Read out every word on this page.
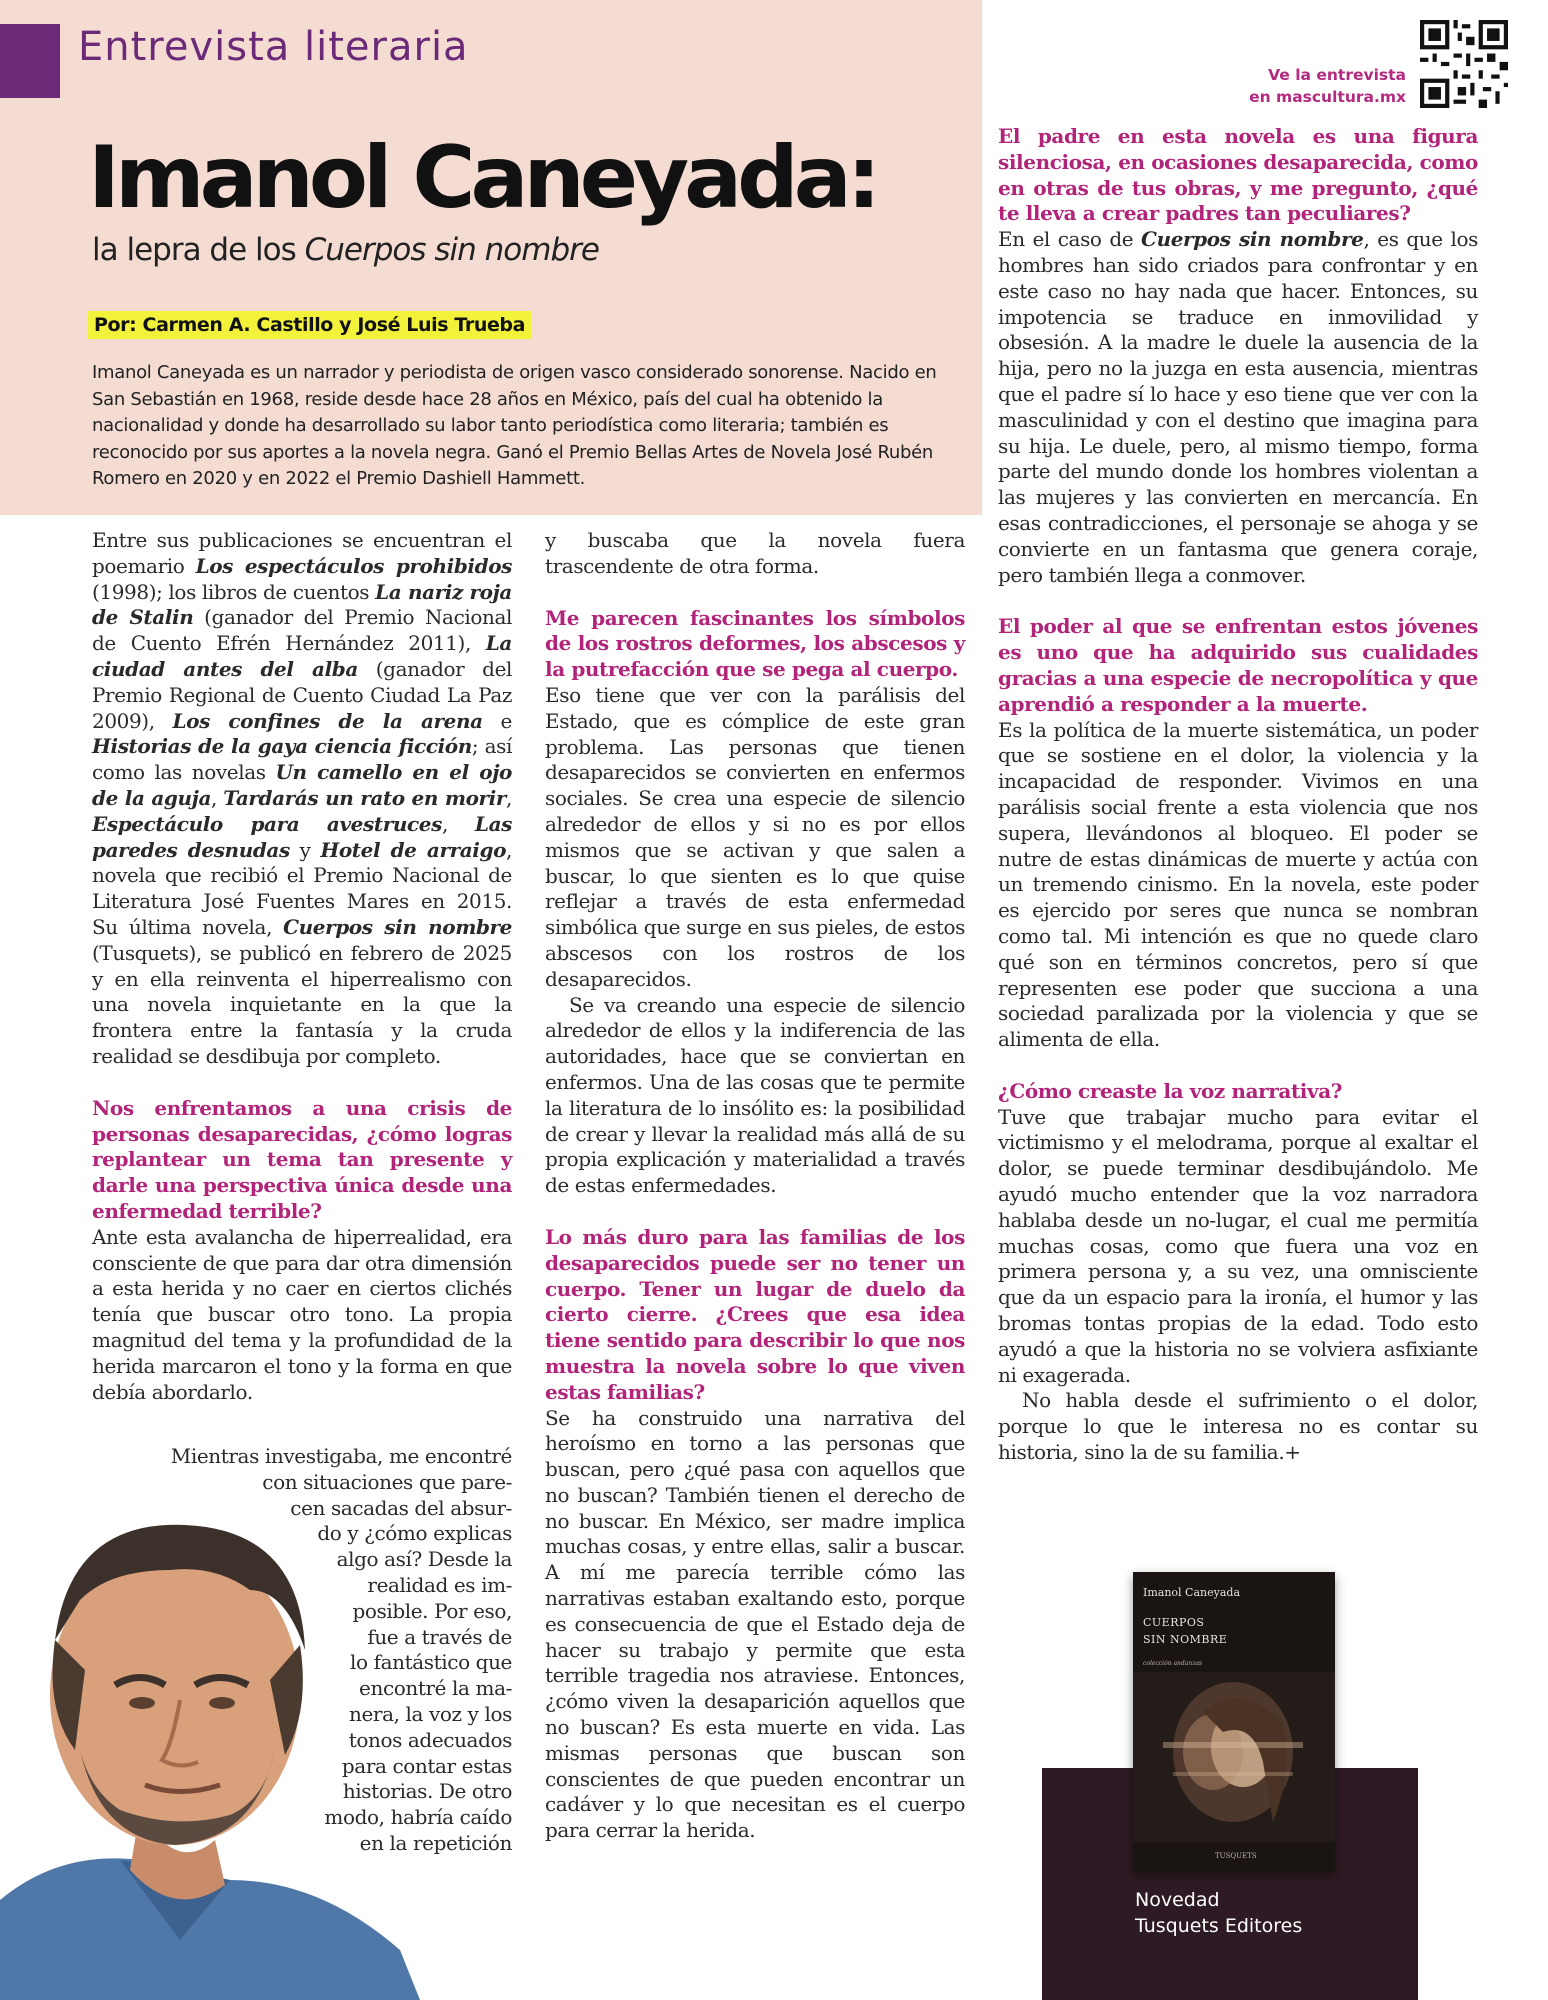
Entrevista literaria
Imanol Caneyada:
la lepra de los Cuerpos sin nombre
Por: Carmen A. Castillo y José Luis Trueba
Imanol Caneyada es un narrador y periodista de origen vasco considerado sonorense. Nacido en San Sebastián en 1968, reside desde hace 28 años en México, país del cual ha obtenido la nacionalidad y donde ha desarrollado su labor tanto periodística como literaria; también es reconocido por sus aportes a la novela negra. Ganó el Premio Bellas Artes de Novela José Rubén Romero en 2020 y en 2022 el Premio Dashiell Hammett.
Ve la entrevista
en mascultura.mx

Entre sus publicaciones se encuentran el poemario Los espectáculos prohibidos (1998); los libros de cuentos La nariz roja de Stalin (ganador del Premio Nacional de Cuento Efrén Hernández 2011), La ciudad antes del alba (ganador del Premio Regional de Cuento Ciudad La Paz 2009), Los confines de la arena e Historias de la gaya ciencia ficción; así como las novelas Un camello en el ojo de la aguja, Tardarás un rato en morir, Espectáculo para avestruces, Las paredes desnudas y Hotel de arraigo, novela que recibió el Premio Nacional de Literatura José Fuentes Mares en 2015. Su última novela, Cuerpos sin nombre (Tusquets), se publicó en febrero de 2025 y en ella reinventa el hiperrealismo con una novela inquietante en la que la frontera entre la fantasía y la cruda realidad se desdibuja por completo.

Nos enfrentamos a una crisis de personas desaparecidas, ¿cómo logras replantear un tema tan presente y darle una perspectiva única desde una enfermedad terrible?

Ante esta avalancha de hiperrealidad, era consciente de que para dar otra dimensión a esta herida y no caer en ciertos clichés tenía que buscar otro tono. La propia magnitud del tema y la profundidad de la herida marcaron el tono y la forma en que debía abordarlo.

Mientras investigaba, me encontré
con situaciones que pare-
cen sacadas del absur-
do y ¿cómo explicas
algo así? Desde la
realidad es im-
posible. Por eso,
fue a través de
lo fantástico que
encontré la ma-
nera, la voz y los
tonos adecuados
para contar estas
historias. De otro
modo, habría caído
en la repetición

y buscaba que la novela fuera trascendente de otra forma.

Me parecen fascinantes los símbolos de los rostros deformes, los abscesos y la putrefacción que se pega al cuerpo.

Eso tiene que ver con la parálisis del Estado, que es cómplice de este gran problema. Las personas que tienen desaparecidos se convierten en enfermos sociales. Se crea una especie de silencio alrededor de ellos y si no es por ellos mismos que se activan y que salen a buscar, lo que sienten es lo que quise reflejar a través de esta enfermedad simbólica que surge en sus pieles, de estos abscesos con los rostros de los desaparecidos.

Se va creando una especie de silencio alrededor de ellos y la indiferencia de las autoridades, hace que se conviertan en enfermos. Una de las cosas que te permite la literatura de lo insólito es: la posibilidad de crear y llevar la realidad más allá de su propia explicación y materialidad a través de estas enfermedades.

Lo más duro para las familias de los desaparecidos puede ser no tener un cuerpo. Tener un lugar de duelo da cierto cierre. ¿Crees que esa idea tiene sentido para describir lo que nos muestra la novela sobre lo que viven estas familias?

Se ha construido una narrativa del heroísmo en torno a las personas que buscan, pero ¿qué pasa con aquellos que no buscan? También tienen el derecho de no buscar. En México, ser madre implica muchas cosas, y entre ellas, salir a buscar. A mí me parecía terrible cómo las narrativas estaban exaltando esto, porque es consecuencia de que el Estado deja de hacer su trabajo y permite que esta terrible tragedia nos atraviese. Entonces, ¿cómo viven la desaparición aquellos que no buscan? Es esta muerte en vida. Las mismas personas que buscan son conscientes de que pueden encontrar un cadáver y lo que necesitan es el cuerpo para cerrar la herida.

El padre en esta novela es una figura silenciosa, en ocasiones desaparecida, como en otras de tus obras, y me pregunto, ¿qué te lleva a crear padres tan peculiares?

En el caso de Cuerpos sin nombre, es que los hombres han sido criados para confrontar y en este caso no hay nada que hacer. Entonces, su impotencia se traduce en inmovilidad y obsesión. A la madre le duele la ausencia de la hija, pero no la juzga en esta ausencia, mientras que el padre sí lo hace y eso tiene que ver con la masculinidad y con el destino que imagina para su hija. Le duele, pero, al mismo tiempo, forma parte del mundo donde los hombres violentan a las mujeres y las convierten en mercancía. En esas contradicciones, el personaje se ahoga y se convierte en un fantasma que genera coraje, pero también llega a conmover.

El poder al que se enfrentan estos jóvenes es uno que ha adquirido sus cualidades gracias a una especie de necropolítica y que aprendió a responder a la muerte.

Es la política de la muerte sistemática, un poder que se sostiene en el dolor, la violencia y la incapacidad de responder. Vivimos en una parálisis social frente a esta violencia que nos supera, llevándonos al bloqueo. El poder se nutre de estas dinámicas de muerte y actúa con un tremendo cinismo. En la novela, este poder es ejercido por seres que nunca se nombran como tal. Mi intención es que no quede claro qué son en términos concretos, pero sí que representen ese poder que succiona a una sociedad paralizada por la violencia y que se alimenta de ella.

¿Cómo creaste la voz narrativa?

Tuve que trabajar mucho para evitar el victimismo y el melodrama, porque al exaltar el dolor, se puede terminar desdibujándolo. Me ayudó mucho entender que la voz narradora hablaba desde un no-lugar, el cual me permitía muchas cosas, como que fuera una voz en primera persona y, a su vez, una omnisciente que da un espacio para la ironía, el humor y las bromas tontas propias de la edad. Todo esto ayudó a que la historia no se volviera asfixiante ni exagerada.

No habla desde el sufrimiento o el dolor, porque lo que le interesa no es contar su historia, sino la de su familia.+

Imanol Caneyada
CUERPOS
SIN NOMBRE
colección andanzas
TUSQUETS
Novedad
Tusquets Editores
